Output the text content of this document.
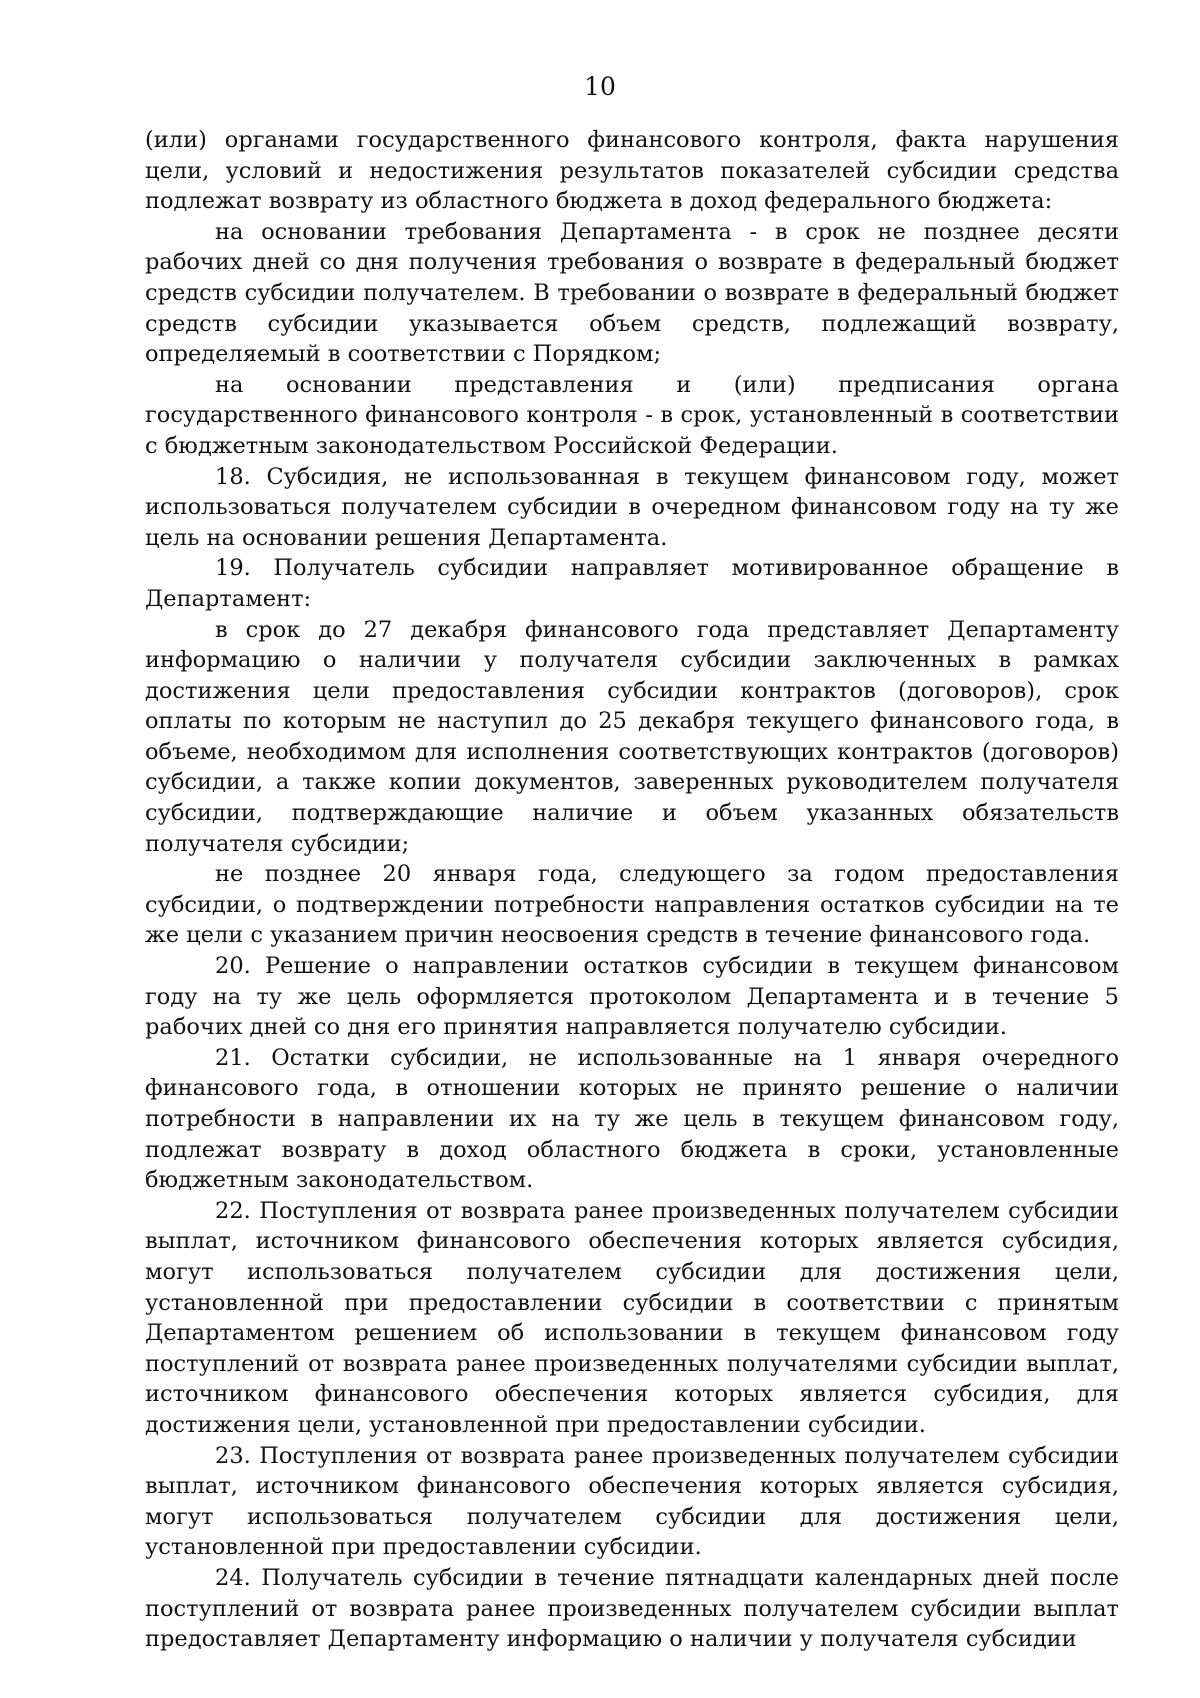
10

(или) органами государственного финансового контроля, факта нарушения цели, условий и недостижения результатов показателей субсидии средства подлежат возврату из областного бюджета в доход федерального бюджета:

на основании требования Департамента - в срок не позднее десяти рабочих дней со дня получения требования о возврате в федеральный бюджет средств субсидии получателем. В требовании о возврате в федеральный бюджет средств субсидии указывается объем средств, подлежащий возврату, определяемый в соответствии с Порядком;

на основании представления и (или) предписания органа государственного финансового контроля - в срок, установленный в соответствии с бюджетным законодательством Российской Федерации.

18. Субсидия, не использованная в текущем финансовом году, может использоваться получателем субсидии в очередном финансовом году на ту же цель на основании решения Департамента.

19. Получатель субсидии направляет мотивированное обращение в Департамент:

в срок до 27 декабря финансового года представляет Департаменту информацию о наличии у получателя субсидии заключенных в рамках достижения цели предоставления субсидии контрактов (договоров), срок оплаты по которым не наступил до 25 декабря текущего финансового года, в объеме, необходимом для исполнения соответствующих контрактов (договоров) субсидии, а также копии документов, заверенных руководителем получателя субсидии, подтверждающие наличие и объем указанных обязательств получателя субсидии;

не позднее 20 января года, следующего за годом предоставления субсидии, о подтверждении потребности направления остатков субсидии на те же цели с указанием причин неосвоения средств в течение финансового года.

20. Решение о направлении остатков субсидии в текущем финансовом году на ту же цель оформляется протоколом Департамента и в течение 5 рабочих дней со дня его принятия направляется получателю субсидии.

21. Остатки субсидии, не использованные на 1 января очередного финансового года, в отношении которых не принято решение о наличии потребности в направлении их на ту же цель в текущем финансовом году, подлежат возврату в доход областного бюджета в сроки, установленные бюджетным законодательством.

22. Поступления от возврата ранее произведенных получателем субсидии выплат, источником финансового обеспечения которых является субсидия, могут использоваться получателем субсидии для достижения цели, установленной при предоставлении субсидии в соответствии с принятым Департаментом решением об использовании в текущем финансовом году поступлений от возврата ранее произведенных получателями субсидии выплат, источником финансового обеспечения которых является субсидия, для достижения цели, установленной при предоставлении субсидии.

23. Поступления от возврата ранее произведенных получателем субсидии выплат, источником финансового обеспечения которых является субсидия, могут использоваться получателем субсидии для достижения цели, установленной при предоставлении субсидии.

24. Получатель субсидии в течение пятнадцати календарных дней после поступлений от возврата ранее произведенных получателем субсидии выплат предоставляет Департаменту информацию о наличии у получателя субсидии
